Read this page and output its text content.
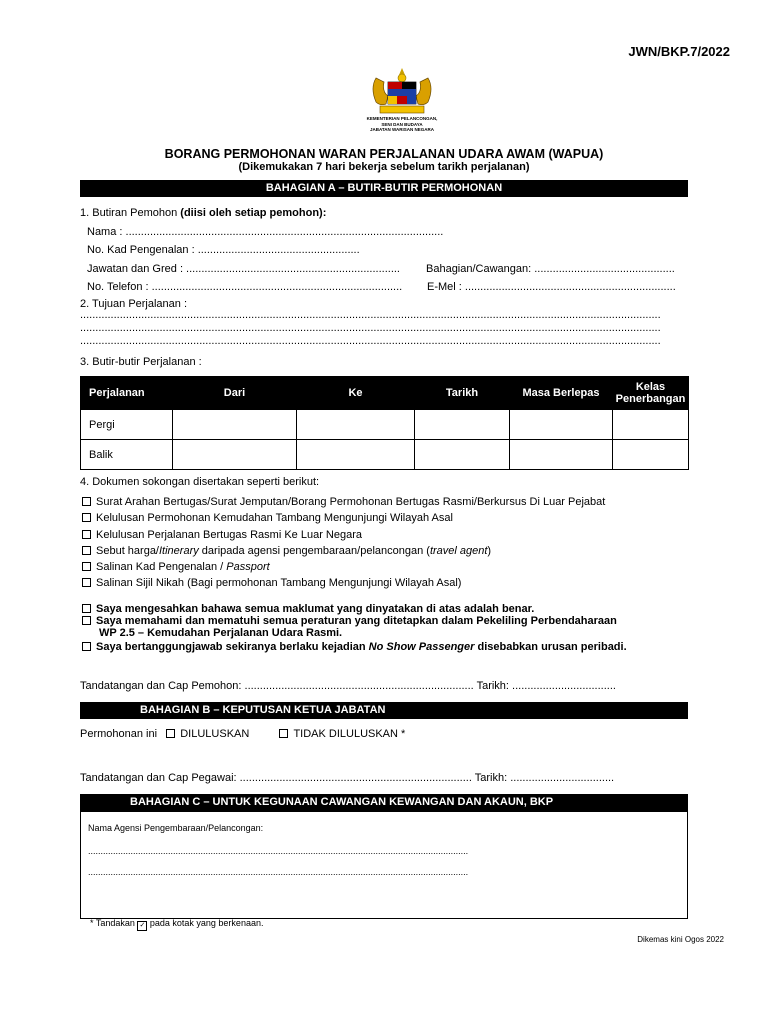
JWN/BKP.7/2022
KEMENTERIAN PELANCONGAN,
SENI DAN BUDAYA
JABATAN WARISAN NEGARA
BORANG PERMOHONAN WARAN PERJALANAN UDARA AWAM (WAPUA)
(Dikemukakan 7 hari bekerja sebelum tarikh perjalanan)
BAHAGIAN A – BUTIR-BUTIR PERMOHONAN
1. Butiran Pemohon (diisi oleh setiap pemohon):
Nama : ........................................................................................................
No. Kad Pengenalan : .....................................................
Jawatan dan Gred : ...................................................................... Bahagian/Cawangan: ..............................................
No. Telefon : .................................................................................. E-Mel : .....................................................................
2. Tujuan Perjalanan :
..............................................................................................................................................................................................
..............................................................................................................................................................................................
..............................................................................................................................................................................................
3. Butir-butir Perjalanan :
Perjalanan	Dari	Ke	Tarikh	Masa Berlepas	Kelas Penerbangan
Pergi					
Balik					
4. Dokumen sokongan disertakan seperti berikut:
Surat Arahan Bertugas/Surat Jemputan/Borang Permohonan Bertugas Rasmi/Berkursus Di Luar Pejabat
Kelulusan Permohonan Kemudahan Tambang Mengunjungi Wilayah Asal
Kelulusan Perjalanan Bertugas Rasmi Ke Luar Negara
Sebut harga/Itinerary daripada agensi pengembaraan/pelancongan (travel agent)
Salinan Kad Pengenalan / Passport
Salinan Sijil Nikah (Bagi permohonan Tambang Mengunjungi Wilayah Asal)
Saya mengesahkan bahawa semua maklumat yang dinyatakan di atas adalah benar.
Saya memahami dan mematuhi semua peraturan yang ditetapkan dalam Pekeliling Perbendaharaan
WP 2.5 – Kemudahan Perjalanan Udara Rasmi.
Saya bertanggungjawab sekiranya berlaku kejadian No Show Passenger disebabkan urusan peribadi.
Tandatangan dan Cap Pemohon: ........................................................................... Tarikh: ..................................
BAHAGIAN B – KEPUTUSAN KETUA JABATAN
Permohonan ini DILULUSKAN	TIDAK DILULUSKAN *
Tandatangan dan Cap Pegawai: ............................................................................ Tarikh: ..................................
BAHAGIAN C – UNTUK KEGUNAAN CAWANGAN KEWANGAN DAN AKAUN, BKP
Nama Agensi Pengembaraan/Pelancongan:
........................................................................................................................................................
........................................................................................................................................................
* Tandakan ✓ pada kotak yang berkenaan.
Dikemas kini Ogos 2022
